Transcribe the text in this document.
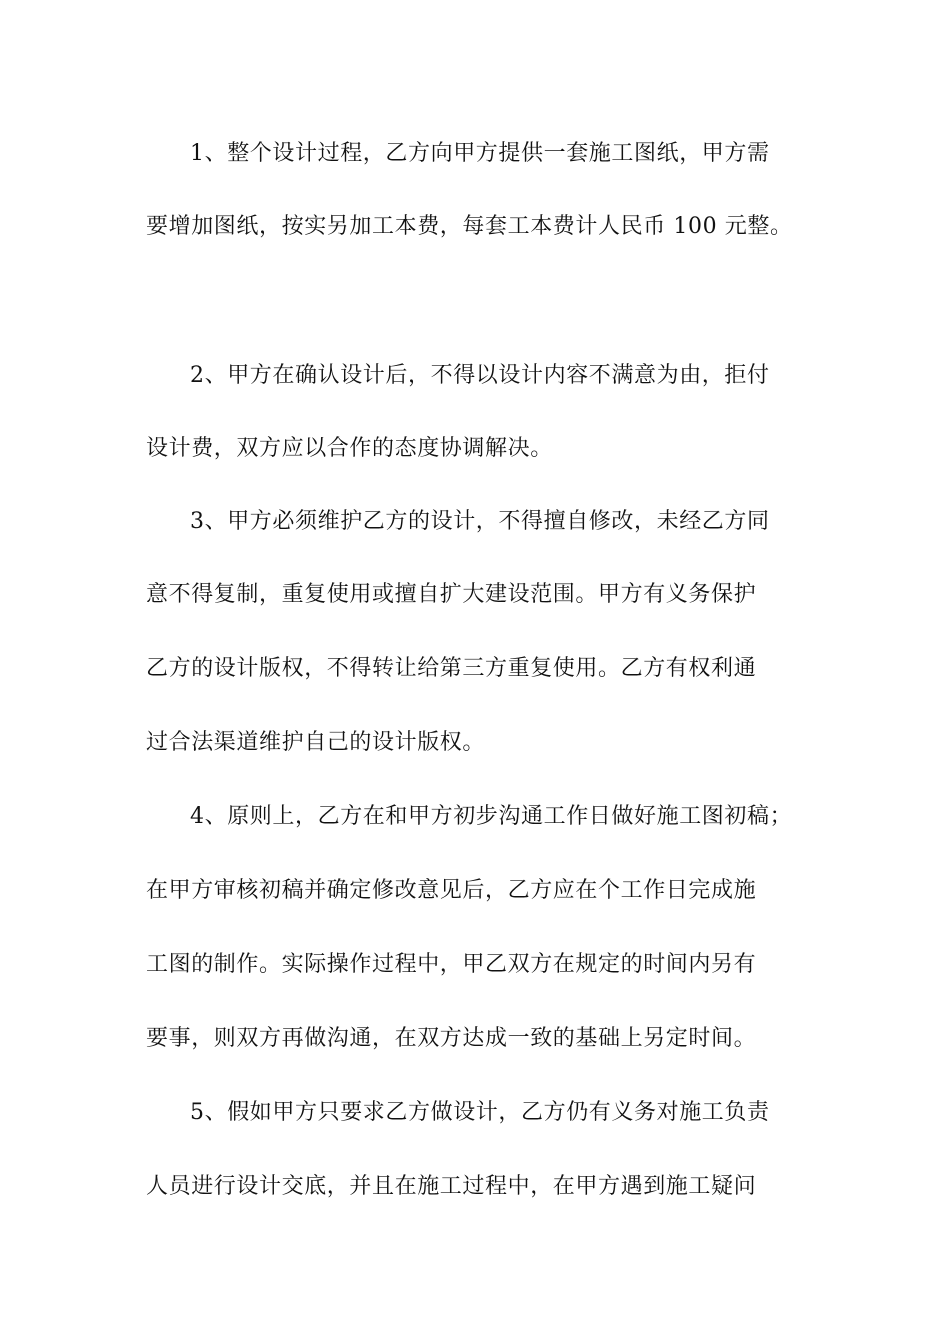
1、整个设计过程，乙方向甲方提供一套施工图纸，甲方需
要增加图纸，按实另加工本费，每套工本费计人民币 100 元整。
2、甲方在确认设计后，不得以设计内容不满意为由，拒付
设计费，双方应以合作的态度协调解决。
3、甲方必须维护乙方的设计，不得擅自修改，未经乙方同
意不得复制，重复使用或擅自扩大建设范围。甲方有义务保护
乙方的设计版权，不得转让给第三方重复使用。乙方有权利通
过合法渠道维护自己的设计版权。
4、原则上，乙方在和甲方初步沟通工作日做好施工图初稿；
在甲方审核初稿并确定修改意见后，乙方应在个工作日完成施
工图的制作。实际操作过程中，甲乙双方在规定的时间内另有
要事，则双方再做沟通，在双方达成一致的基础上另定时间。
5、假如甲方只要求乙方做设计，乙方仍有义务对施工负责
人员进行设计交底，并且在施工过程中，在甲方遇到施工疑问
